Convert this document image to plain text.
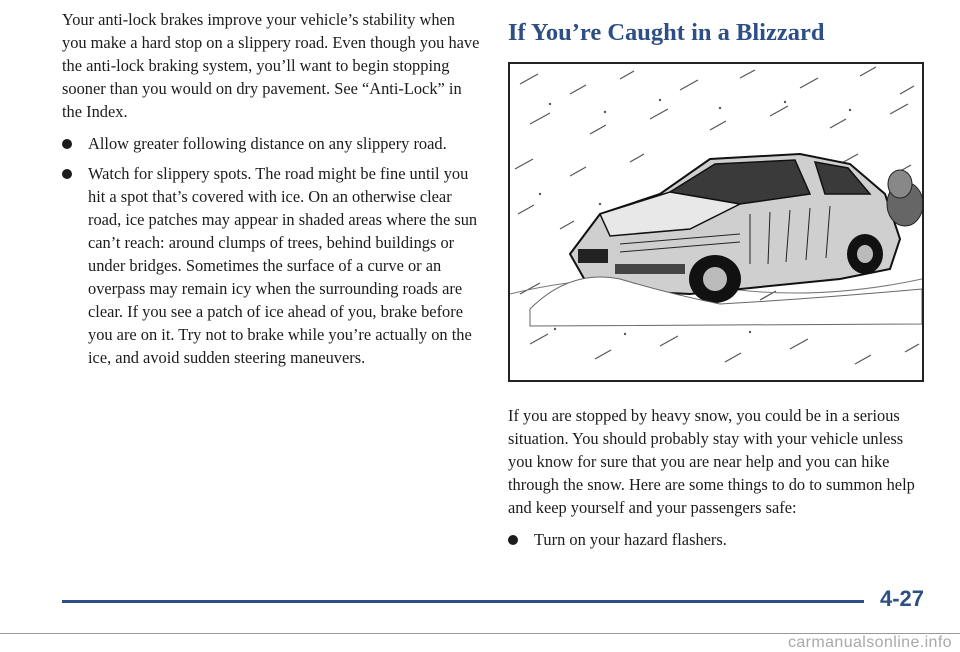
Your anti-lock brakes improve your vehicle’s stability when you make a hard stop on a slippery road. Even though you have the anti-lock braking system, you’ll want to begin stopping sooner than you would on dry pavement. See “Anti-Lock” in the Index.

Allow greater following distance on any slippery road.
Watch for slippery spots. The road might be fine until you hit a spot that’s covered with ice. On an otherwise clear road, ice patches may appear in shaded areas where the sun can’t reach: around clumps of trees, behind buildings or under bridges. Sometimes the surface of a curve or an overpass may remain icy when the surrounding roads are clear. If you see a patch of ice ahead of you, brake before you are on it. Try not to brake while you’re actually on the ice, and avoid sudden steering maneuvers.
If You’re Caught in a Blizzard

If you are stopped by heavy snow, you could be in a serious situation. You should probably stay with your vehicle unless you know for sure that you are near help and you can hike through the snow. Here are some things to do to summon help and keep yourself and your passengers safe:

Turn on your hazard flashers.
4-27
carmanualsonline.info
